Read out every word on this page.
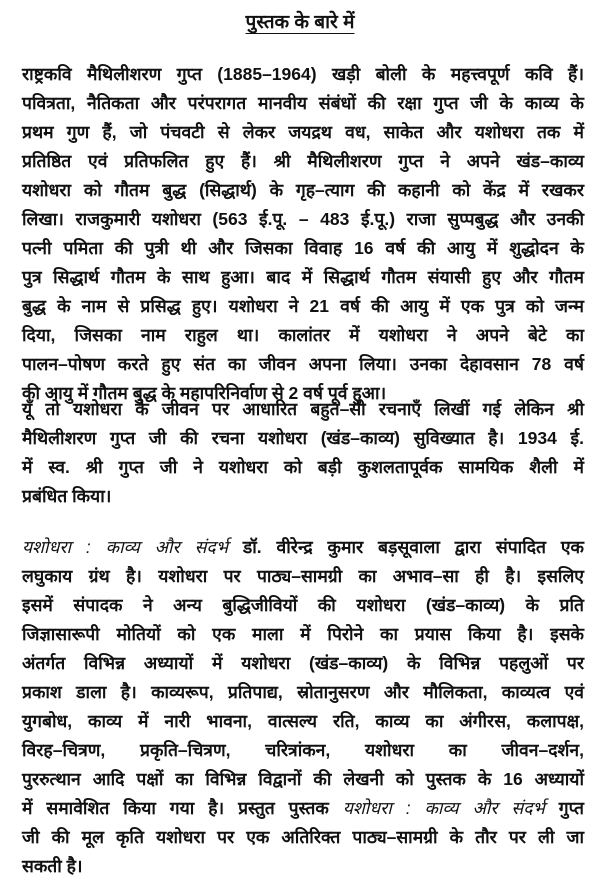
पुस्तक के बारे में
राष्ट्रकवि मैथिलीशरण गुप्त (1885–1964) खड़ी बोली के महत्त्वपूर्ण कवि हैं।
पवित्रता, नैतिकता और परंपरागत मानवीय संबंधों की रक्षा गुप्त जी के काव्य के
प्रथम गुण हैं, जो पंचवटी से लेकर जयद्रथ वध, साकेत और यशोधरा तक में
प्रतिष्ठित एवं प्रतिफलित हुए हैं। श्री मैथिलीशरण गुप्त ने अपने खंड–काव्य
यशोधरा को गौतम बुद्ध (सिद्धार्थ) के गृह–त्याग की कहानी को केंद्र में रखकर
लिखा। राजकुमारी यशोधरा (563 ई.पू. – 483 ई.पू.) राजा सुप्पबुद्ध और उनकी
पत्नी पमिता की पुत्री थी और जिसका विवाह 16 वर्ष की आयु में शुद्धोदन के
पुत्र सिद्धार्थ गौतम के साथ हुआ। बाद में सिद्धार्थ गौतम संयासी हुए और गौतम
बुद्ध के नाम से प्रसिद्ध हुए। यशोधरा ने 21 वर्ष की आयु में एक पुत्र को जन्म
दिया, जिसका नाम राहुल था। कालांतर में यशोधरा ने अपने बेटे का
पालन–पोषण करते हुए संत का जीवन अपना लिया। उनका देहावसान 78 वर्ष
की आयु में गौतम बुद्ध के महापरिनिर्वाण से 2 वर्ष पूर्व हुआ।
यूँ तो यशोधरा के जीवन पर आधारित बहुत–सी रचनाएँ लिखीं गई लेकिन श्री
मैथिलीशरण गुप्त जी की रचना यशोधरा (खंड–काव्य) सुविख्यात है। 1934 ई.
में स्व. श्री गुप्त जी ने यशोधरा को बड़ी कुशलतापूर्वक सामयिक शैली में
प्रबंधित किया।
यशोधरा : काव्य और संदर्भ डॉ. वीरेन्द्र कुमार बड़सूवाला द्वारा संपादित एक
लघुकाय ग्रंथ है। यशोधरा पर पाठ्य–सामग्री का अभाव–सा ही है। इसलिए
इसमें संपादक ने अन्य बुद्धिजीवियों की यशोधरा (खंड–काव्य) के प्रति
जिज्ञासारूपी मोतियों को एक माला में पिरोने का प्रयास किया है। इसके
अंतर्गत विभिन्न अध्यायों में यशोधरा (खंड–काव्य) के विभिन्न पहलुओं पर
प्रकाश डाला है। काव्यरूप, प्रतिपाद्य, स्रोतानुसरण और मौलिकता, काव्यत्व एवं
युगबोध, काव्य में नारी भावना, वात्सल्य रति, काव्य का अंगीरस, कलापक्ष,
विरह–चित्रण, प्रकृति–चित्रण, चरित्रांकन, यशोधरा का जीवन–दर्शन,
पुररुत्थान आदि पक्षों का विभिन्न विद्वानों की लेखनी को पुस्तक के 16 अध्यायों
में समावेशित किया गया है। प्रस्तुत पुस्तक यशोधरा : काव्य और संदर्भ गुप्त
जी की मूल कृति यशोधरा पर एक अतिरिक्त पाठ्य–सामग्री के तौर पर ली जा
सकती है।
